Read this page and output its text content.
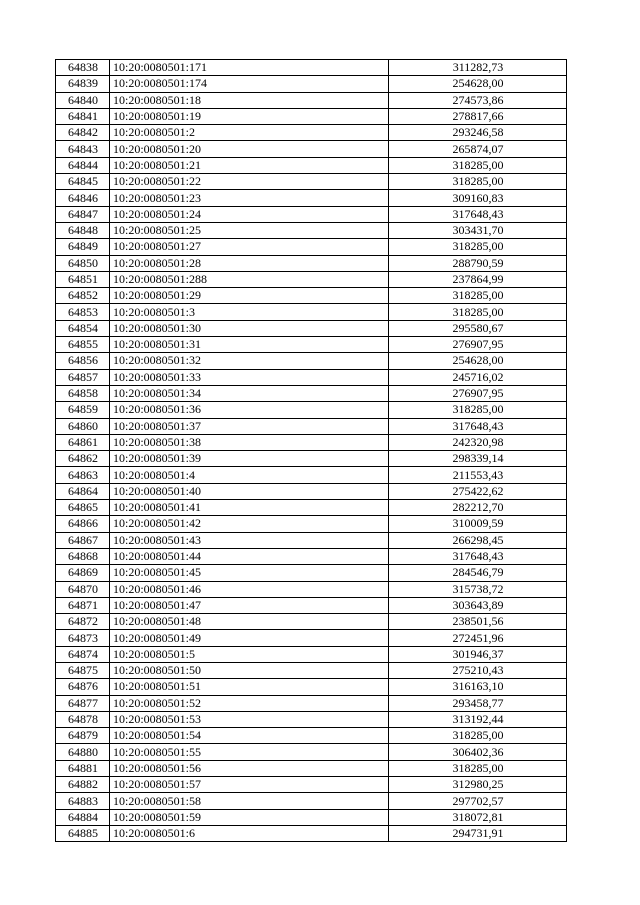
64838	10:20:0080501:171	311282,73
64839	10:20:0080501:174	254628,00
64840	10:20:0080501:18	274573,86
64841	10:20:0080501:19	278817,66
64842	10:20:0080501:2	293246,58
64843	10:20:0080501:20	265874,07
64844	10:20:0080501:21	318285,00
64845	10:20:0080501:22	318285,00
64846	10:20:0080501:23	309160,83
64847	10:20:0080501:24	317648,43
64848	10:20:0080501:25	303431,70
64849	10:20:0080501:27	318285,00
64850	10:20:0080501:28	288790,59
64851	10:20:0080501:288	237864,99
64852	10:20:0080501:29	318285,00
64853	10:20:0080501:3	318285,00
64854	10:20:0080501:30	295580,67
64855	10:20:0080501:31	276907,95
64856	10:20:0080501:32	254628,00
64857	10:20:0080501:33	245716,02
64858	10:20:0080501:34	276907,95
64859	10:20:0080501:36	318285,00
64860	10:20:0080501:37	317648,43
64861	10:20:0080501:38	242320,98
64862	10:20:0080501:39	298339,14
64863	10:20:0080501:4	211553,43
64864	10:20:0080501:40	275422,62
64865	10:20:0080501:41	282212,70
64866	10:20:0080501:42	310009,59
64867	10:20:0080501:43	266298,45
64868	10:20:0080501:44	317648,43
64869	10:20:0080501:45	284546,79
64870	10:20:0080501:46	315738,72
64871	10:20:0080501:47	303643,89
64872	10:20:0080501:48	238501,56
64873	10:20:0080501:49	272451,96
64874	10:20:0080501:5	301946,37
64875	10:20:0080501:50	275210,43
64876	10:20:0080501:51	316163,10
64877	10:20:0080501:52	293458,77
64878	10:20:0080501:53	313192,44
64879	10:20:0080501:54	318285,00
64880	10:20:0080501:55	306402,36
64881	10:20:0080501:56	318285,00
64882	10:20:0080501:57	312980,25
64883	10:20:0080501:58	297702,57
64884	10:20:0080501:59	318072,81
64885	10:20:0080501:6	294731,91
